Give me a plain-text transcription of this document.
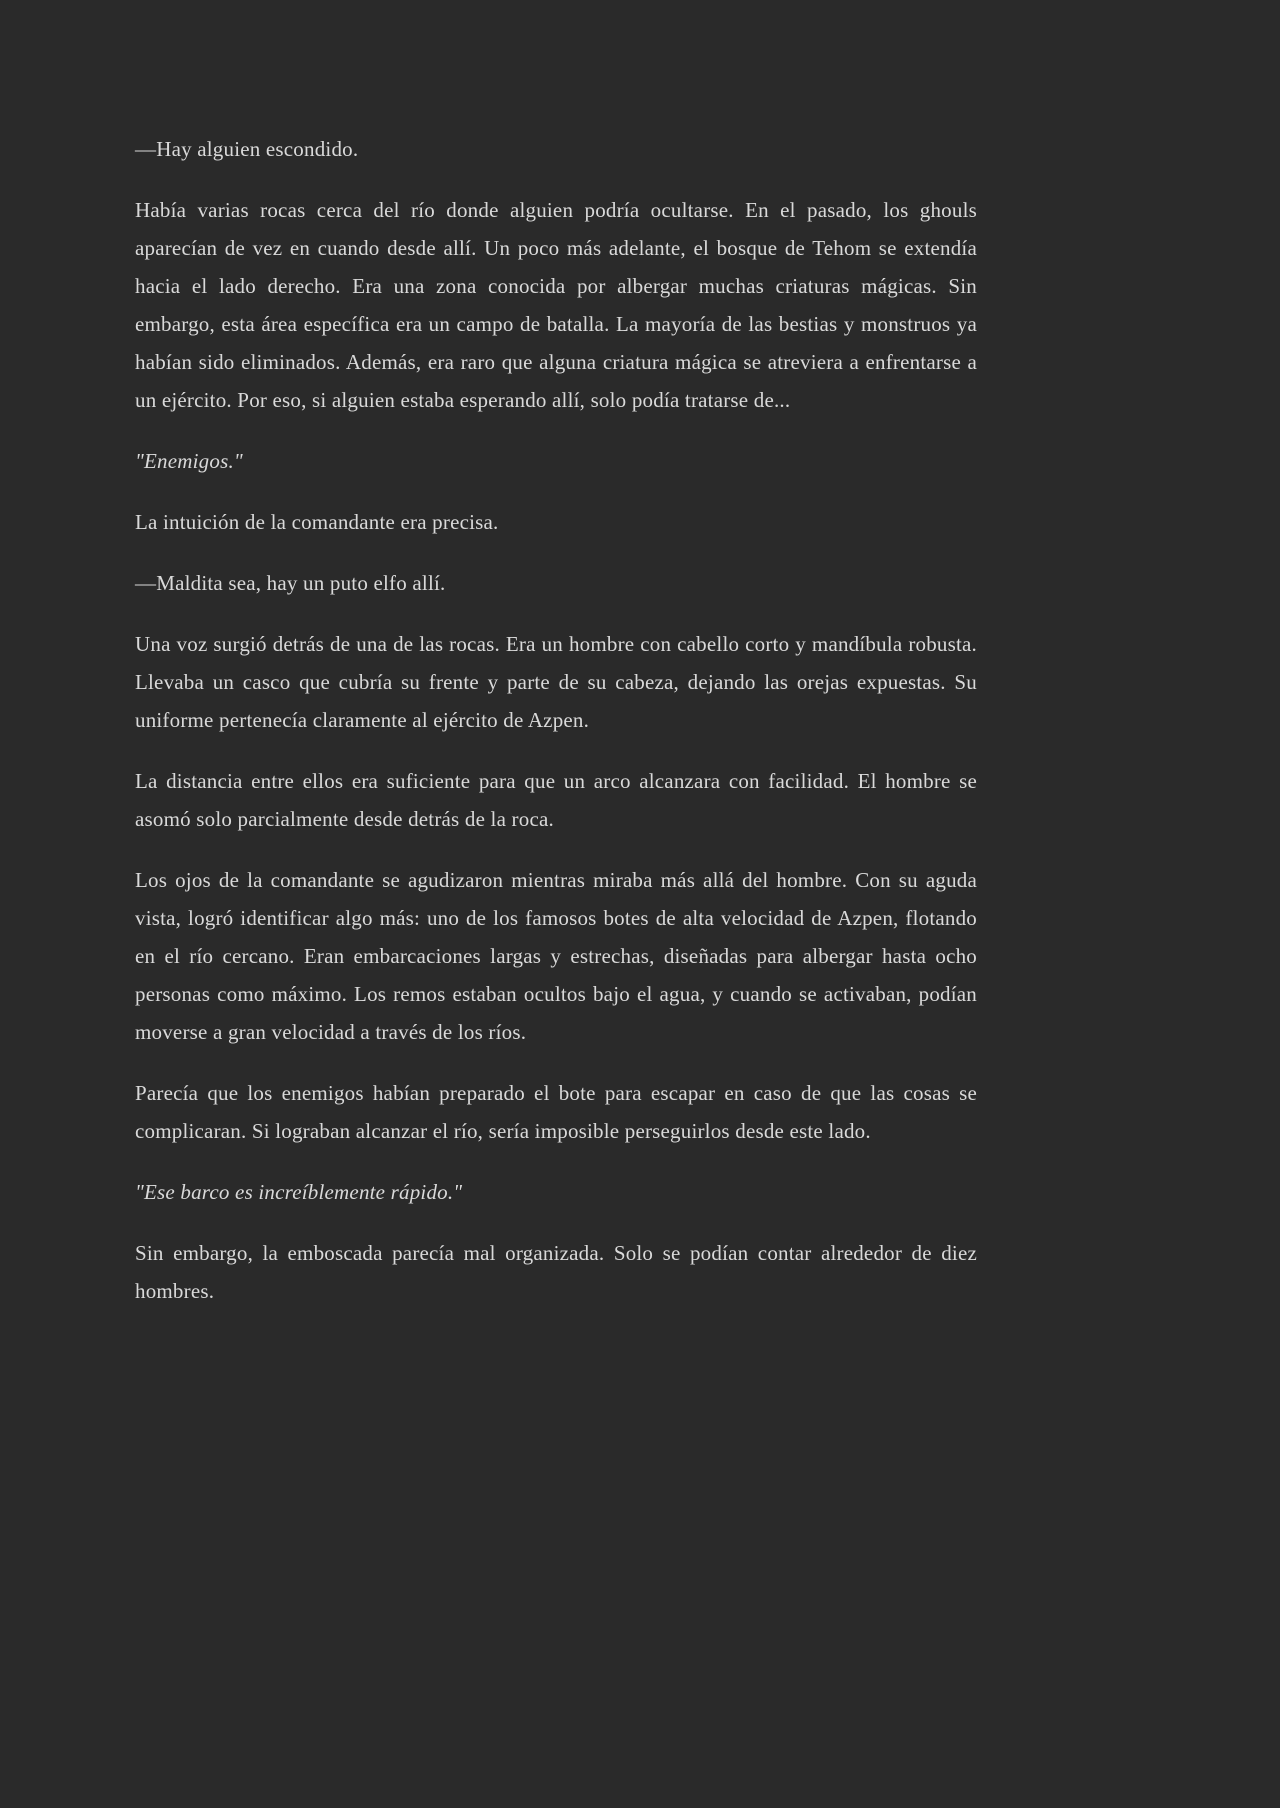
—Hay alguien escondido.

Había varias rocas cerca del río donde alguien podría ocultarse. En el pasado, los ghouls aparecían de vez en cuando desde allí. Un poco más adelante, el bosque de Tehom se extendía hacia el lado derecho. Era una zona conocida por albergar muchas criaturas mágicas. Sin embargo, esta área específica era un campo de batalla. La mayoría de las bestias y monstruos ya habían sido eliminados. Además, era raro que alguna criatura mágica se atreviera a enfrentarse a un ejército. Por eso, si alguien estaba esperando allí, solo podía tratarse de...

"Enemigos."

La intuición de la comandante era precisa.

—Maldita sea, hay un puto elfo allí.

Una voz surgió detrás de una de las rocas. Era un hombre con cabello corto y mandíbula robusta. Llevaba un casco que cubría su frente y parte de su cabeza, dejando las orejas expuestas. Su uniforme pertenecía claramente al ejército de Azpen.

La distancia entre ellos era suficiente para que un arco alcanzara con facilidad. El hombre se asomó solo parcialmente desde detrás de la roca.

Los ojos de la comandante se agudizaron mientras miraba más allá del hombre. Con su aguda vista, logró identificar algo más: uno de los famosos botes de alta velocidad de Azpen, flotando en el río cercano. Eran embarcaciones largas y estrechas, diseñadas para albergar hasta ocho personas como máximo. Los remos estaban ocultos bajo el agua, y cuando se activaban, podían moverse a gran velocidad a través de los ríos.

Parecía que los enemigos habían preparado el bote para escapar en caso de que las cosas se complicaran. Si lograban alcanzar el río, sería imposible perseguirlos desde este lado.

"Ese barco es increíblemente rápido."

Sin embargo, la emboscada parecía mal organizada. Solo se podían contar alrededor de diez hombres.
